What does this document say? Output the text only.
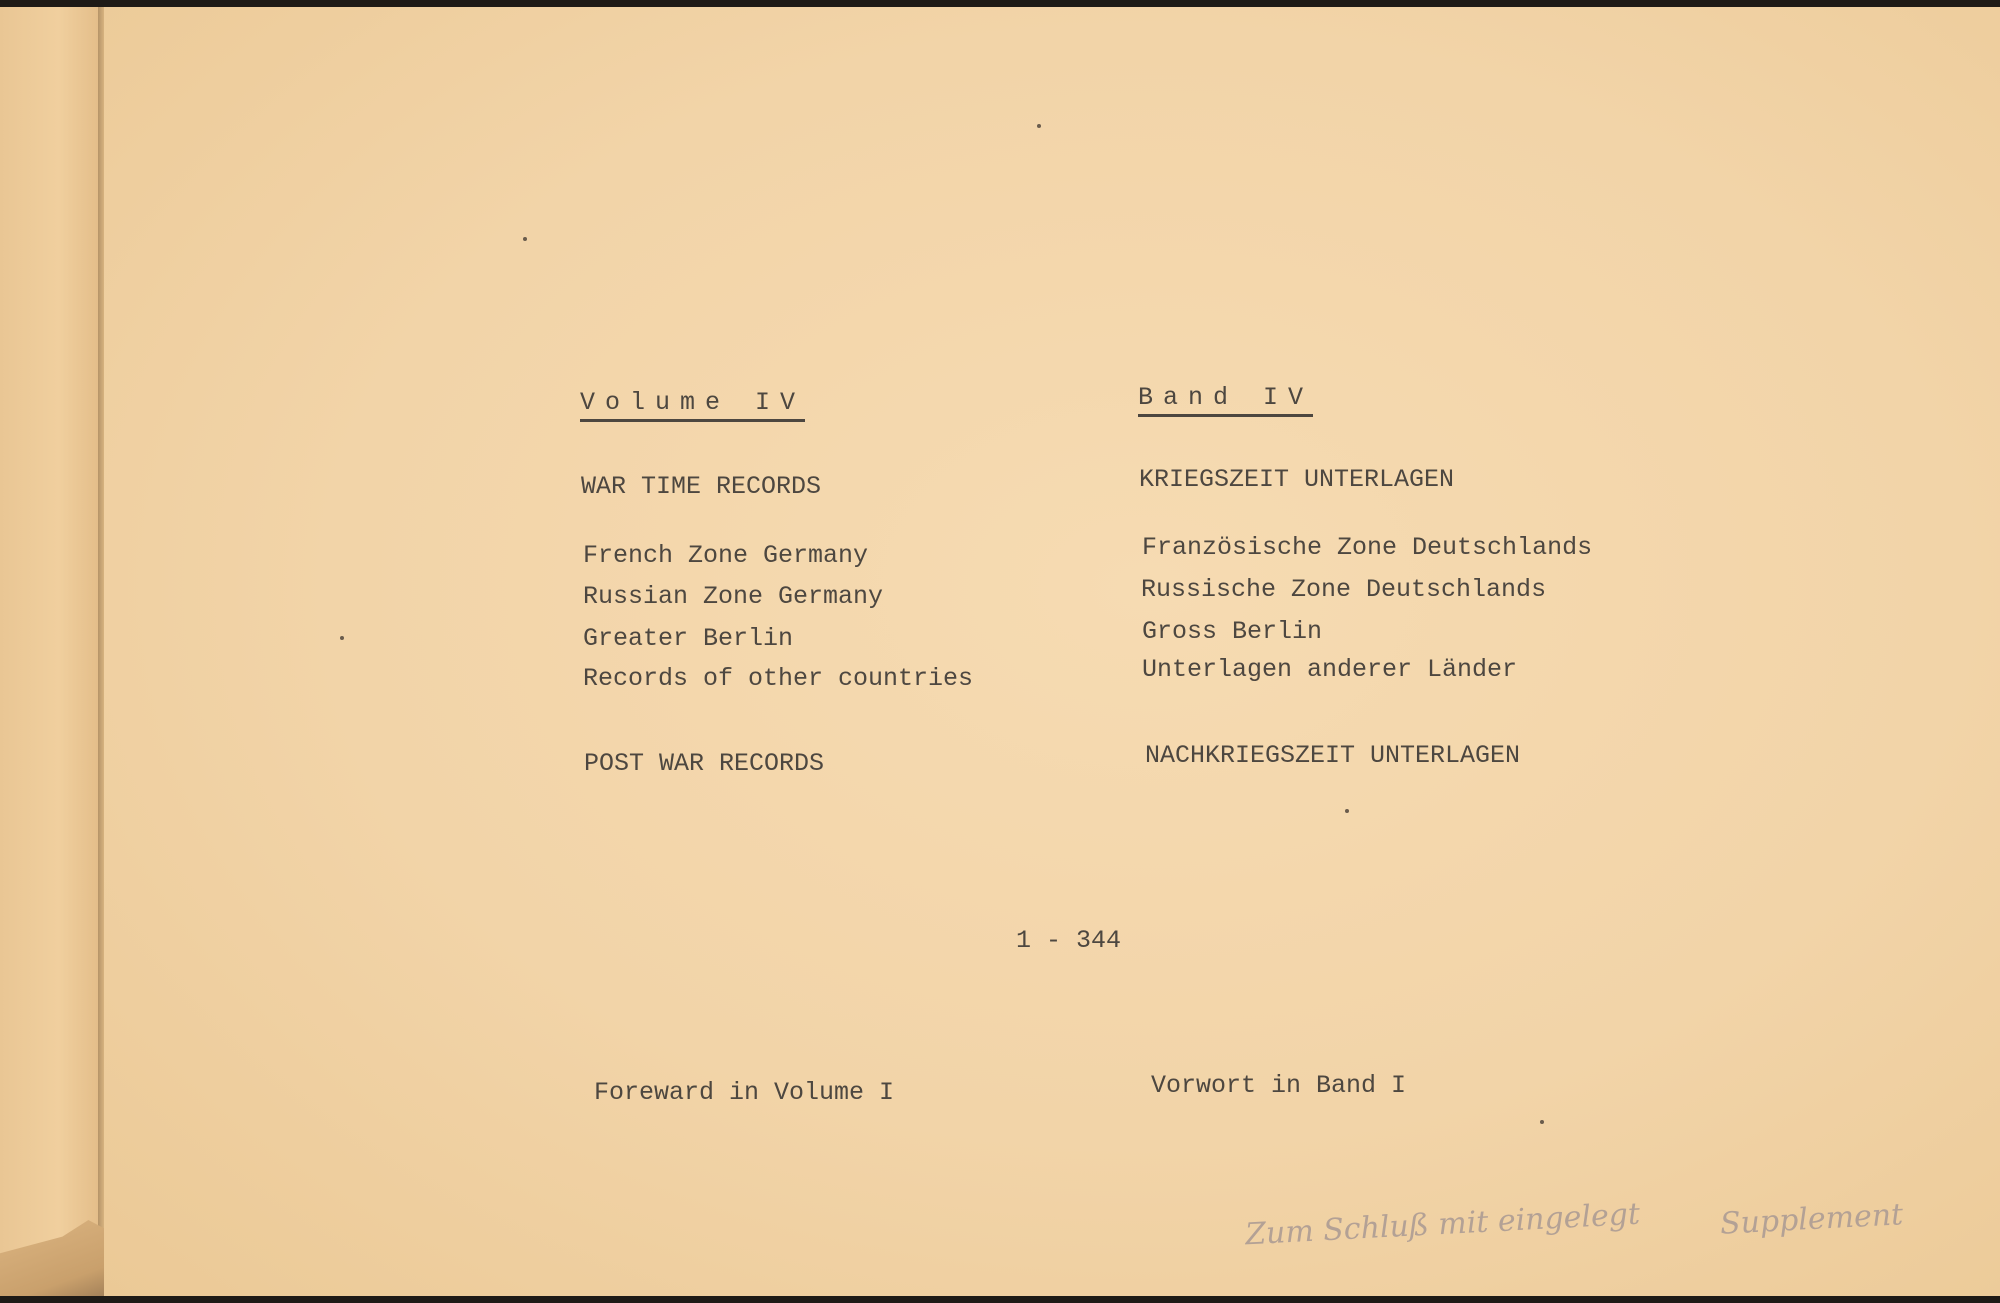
Volume IV
WAR TIME RECORDS
French Zone Germany
Russian Zone Germany
Greater Berlin
Records of other countries
POST WAR RECORDS
Foreward in Volume I
Band IV
KRIEGSZEIT UNTERLAGEN
Französische Zone Deutschlands
Russische Zone Deutschlands
Gross Berlin
Unterlagen anderer Länder
NACHKRIEGSZEIT UNTERLAGEN
Vorwort in Band I
1 - 344
Zum Schluß mit eingelegt	Supplement
